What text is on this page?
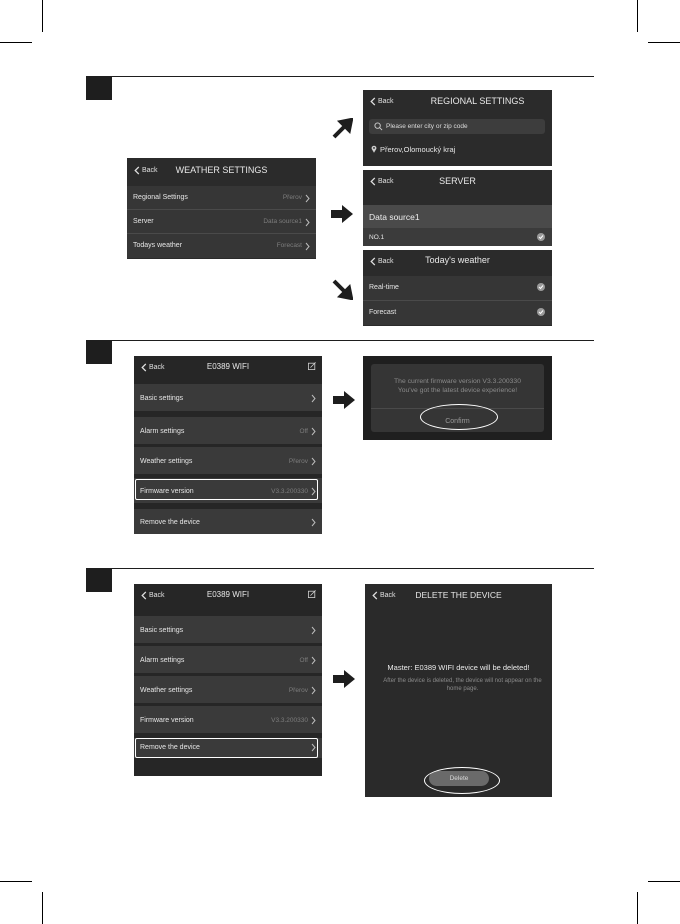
Back	WEATHER SETTINGS
Regional Settings	Přerov
Server	Data source1
Todays weather	Forecast
Back	REGIONAL SETTINGS
Please enter city or zip code
Přerov,Olomoucký kraj
Back	SERVER
Data source1
NO.1
Back	Today's weather
Real-time
Forecast
Back	E0389 WIFI
Basic settings
Alarm settings	Off
Weather settings	Přerov
Firmware version	V3.3.200330
Remove the device
The current firmware version V3.3.200330
You've got the latest device experience!
Confirm
Back	E0389 WIFI
Basic settings
Alarm settings	Off
Weather settings	Přerov
Firmware version	V3.3.200330
Remove the device
Back	DELETE THE DEVICE
Master: E0389 WIFI device will be deleted!
After the device is deleted, the device will not appear on the home page.
Delete
